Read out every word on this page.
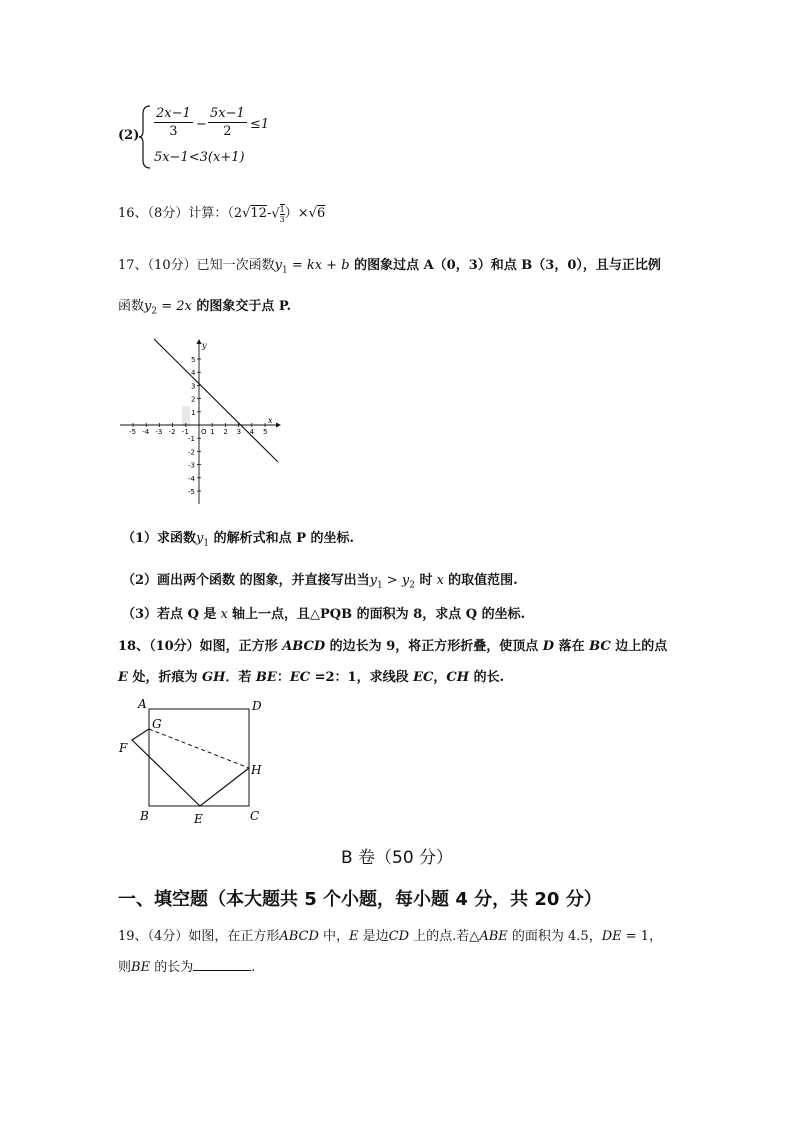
$(2) \frac{2x-1}{3} - \frac{5x-1}{2} \le 1$
5x−1<3(x+1)
16、（8分）计算：$(2√12-√ \frac{1}{3} )\times√6$
17、（10分）已知一次函数$y_1$ = kx + b 的图象过点 A（0，3）和点 B（3，0），且与正比例
函数$y_2 = 2x$ 的图象交于点 P.
-5 -4 -3 -2 -1	1 2 3 4 5
5
4
3
2
1
-1
-2
-3
-4
-5
x
y
O
（1）求函数$y_1$ 的解析式和点 P 的坐标.
（2）画出两个函数 的图象，并直接写出当$y_1 > y_2$ 时 x 的取值范围.
（3）若点 Q 是 x 轴上一点，且△PQB 的面积为 8，求点 Q 的坐标.
18、（10分）如图，正方形 ABCD 的边长为 9，将正方形折叠，使顶点 D 落在 BC 边上的点
E 处，折痕为 GH．若 BE：EC =2：1，求线段 EC，CH 的长.
A	D
G
F
H
B	E	C
B 卷（50 分）
一、填空题（本大题共 5 个小题，每小题 4 分，共 20 分）
19、（4分）如图，在正方形ABCD 中，E 是边CD 上的点.若△ABE 的面积为 4.5，DE = 1，
则BE 的长为	.
